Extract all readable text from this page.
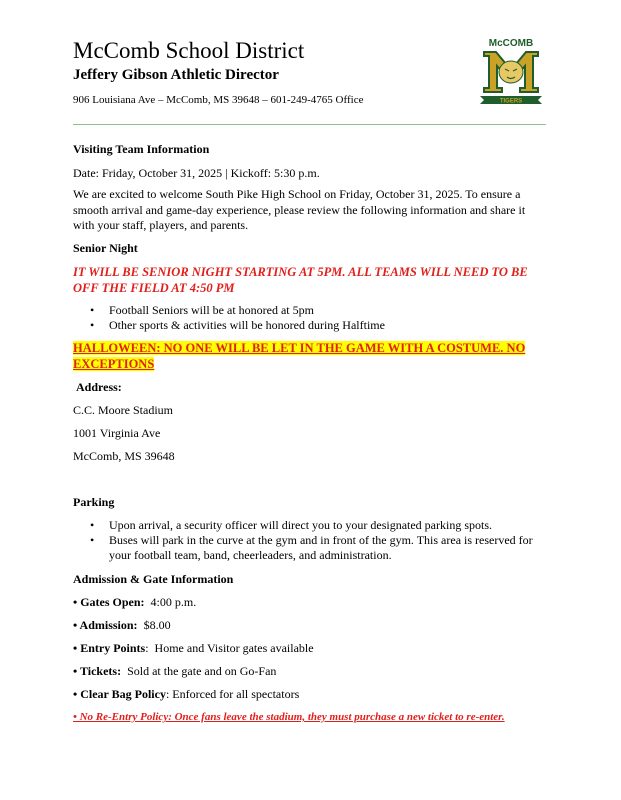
McComb School District
Jeffery Gibson Athletic Director
906 Louisiana Ave – McComb, MS 39648 – 601-249-4765 Office
McCOMB
TIGERS
Visiting Team Information
Date: Friday, October 31, 2025 | Kickoff: 5:30 p.m.
We are excited to welcome South Pike High School on Friday, October 31, 2025. To ensure a smooth arrival and game-day experience, please review the following information and share it with your staff, players, and parents.
Senior Night
IT WILL BE SENIOR NIGHT STARTING AT 5PM. ALL TEAMS WILL NEED TO BE OFF THE FIELD AT 4:50 PM
• Football Seniors will be at honored at 5pm
• Other sports & activities will be honored during Halftime
HALLOWEEN: NO ONE WILL BE LET IN THE GAME WITH A COSTUME. NO EXCEPTIONS
Address:
C.C. Moore Stadium
1001 Virginia Ave
McComb, MS 39648
Parking
• Upon arrival, a security officer will direct you to your designated parking spots.
• Buses will park in the curve at the gym and in front of the gym. This area is reserved for your football team, band, cheerleaders, and administration.
Admission & Gate Information
• Gates Open:  4:00 p.m.
• Admission:  $8.00
• Entry Points:  Home and Visitor gates available
• Tickets:  Sold at the gate and on Go-Fan
• Clear Bag Policy: Enforced for all spectators
• No Re-Entry Policy: Once fans leave the stadium, they must purchase a new ticket to re-enter.
